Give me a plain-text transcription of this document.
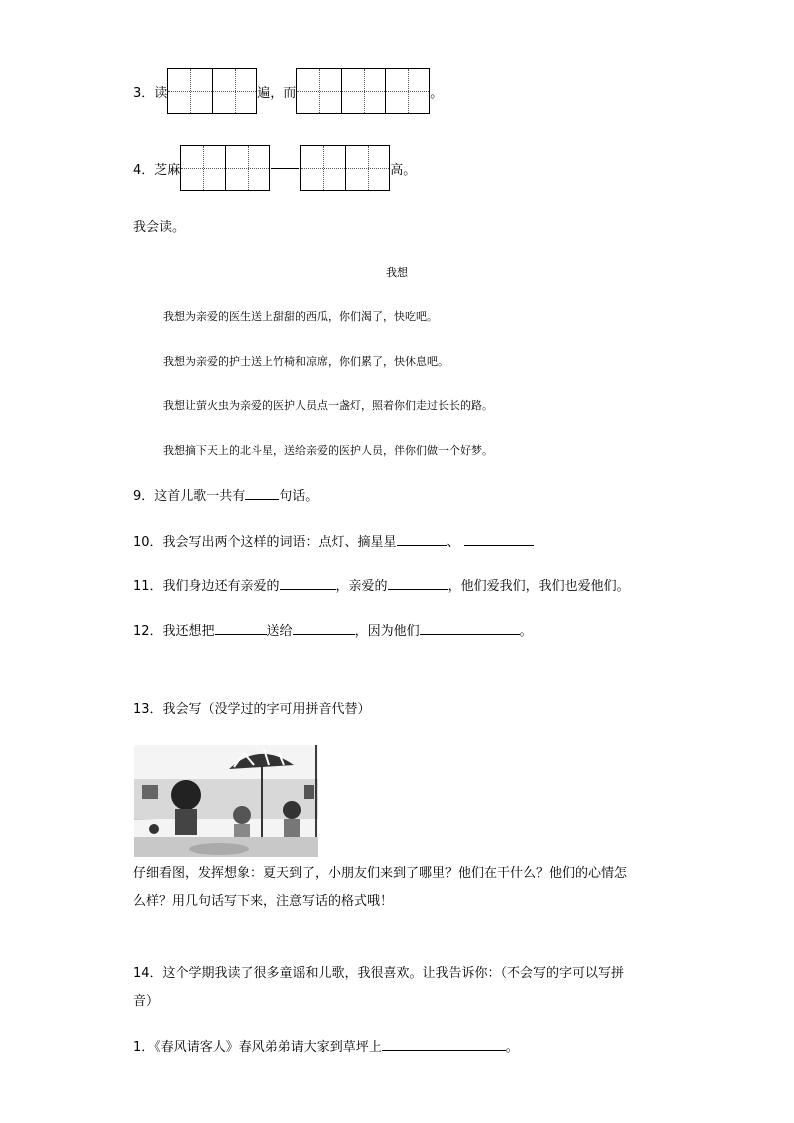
3．读	遍，而	。
4．芝麻	高。
我会读。
我想
我想为亲爱的医生送上甜甜的西瓜，你们渴了，快吃吧。
我想为亲爱的护士送上竹椅和凉席，你们累了，快休息吧。
我想让萤火虫为亲爱的医护人员点一盏灯，照着你们走过长长的路。
我想摘下天上的北斗星，送给亲爱的医护人员，伴你们做一个好梦。
9．这首儿歌一共有	句话。
10．我会写出两个这样的词语：点灯、摘星星	、
11．我们身边还有亲爱的	，亲爱的	，他们爱我们，我们也爱他们。
12．我还想把	送给	，因为他们	。
13．我会写（没学过的字可用拼音代替）
仔细看图，发挥想象：夏天到了，小朋友们来到了哪里？他们在干什么？他们的心情怎
么样？用几句话写下来，注意写话的格式哦！
14．这个学期我读了很多童谣和儿歌，我很喜欢。让我告诉你：（不会写的字可以写拼
音）
1．《春风请客人》春风弟弟请大家到草坪上	。
